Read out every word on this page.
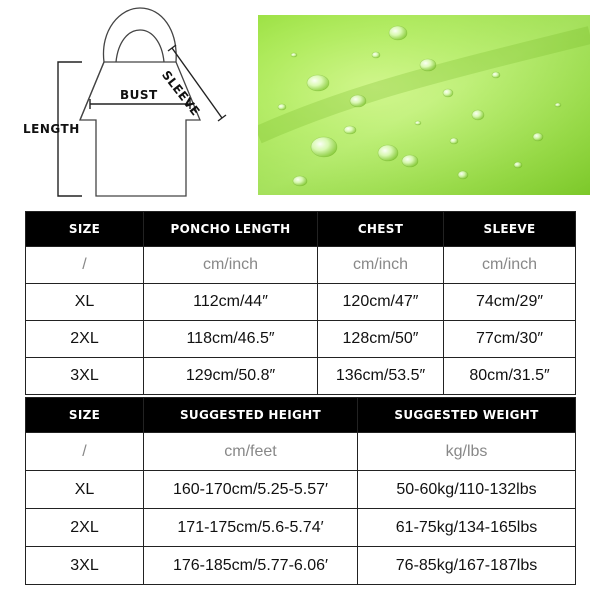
BUST
LENGTH
SLEEVE
SIZE	PONCHO LENGTH	CHEST	SLEEVE
/	cm/inch	cm/inch	cm/inch
XL	112cm/44″	120cm/47″	74cm/29″
2XL	118cm/46.5″	128cm/50″	77cm/30″
3XL	129cm/50.8″	136cm/53.5″	80cm/31.5″
SIZE	SUGGESTED HEIGHT	SUGGESTED WEIGHT
/	cm/feet	kg/lbs
XL	160-170cm/5.25-5.57′	50-60kg/110-132lbs
2XL	171-175cm/5.6-5.74′	61-75kg/134-165lbs
3XL	176-185cm/5.77-6.06′	76-85kg/167-187lbs
